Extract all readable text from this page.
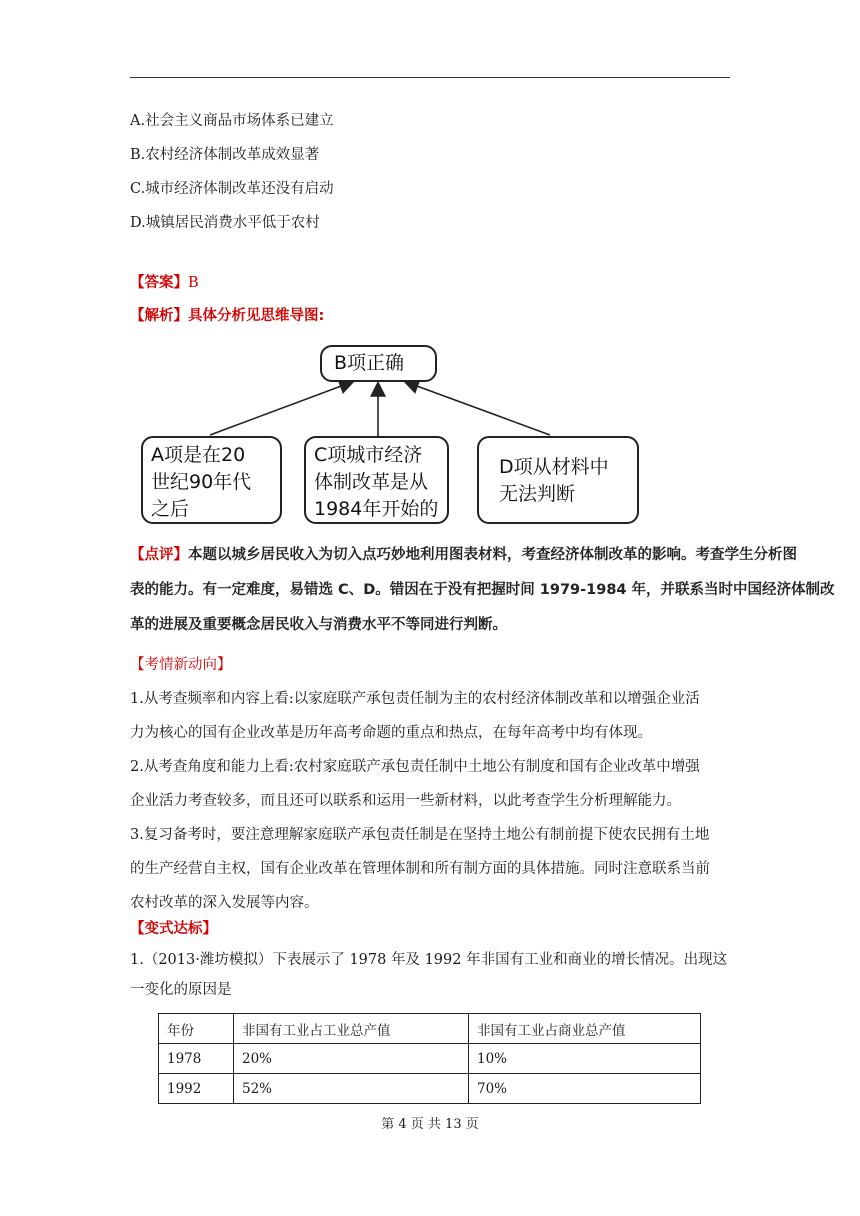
A.社会主义商品市场体系已建立
B.农村经济体制改革成效显著
C.城市经济体制改革还没有启动
D.城镇居民消费水平低于农村
【答案】B
【解析】具体分析见思维导图:
B项正确
A项是在20
世纪90年代
之后
C项城市经济
体制改革是从
1984年开始的
D项从材料中
无法判断
【点评】本题以城乡居民收入为切入点巧妙地利用图表材料，考查经济体制改革的影响。考查学生分析图
表的能力。有一定难度，易错选 C、D。错因在于没有把握时间 1979-1984 年，并联系当时中国经济体制改
革的进展及重要概念居民收入与消费水平不等同进行判断。
【考情新动向】
1.从考查频率和内容上看:以家庭联产承包责任制为主的农村经济体制改革和以增强企业活
力为核心的国有企业改革是历年高考命题的重点和热点，在每年高考中均有体现。
2.从考查角度和能力上看:农村家庭联产承包责任制中土地公有制度和国有企业改革中增强
企业活力考查较多，而且还可以联系和运用一些新材料，以此考查学生分析理解能力。
3.复习备考时，要注意理解家庭联产承包责任制是在坚持土地公有制前提下使农民拥有土地
的生产经营自主权，国有企业改革在管理体制和所有制方面的具体措施。同时注意联系当前
农村改革的深入发展等内容。
【变式达标】
1.（2013·潍坊模拟）下表展示了 1978 年及 1992 年非国有工业和商业的增长情况。出现这
一变化的原因是
年份	非国有工业占工业总产值	非国有工业占商业总产值
1978	20%	10%
1992	52%	70%
第 4 页 共 13 页
